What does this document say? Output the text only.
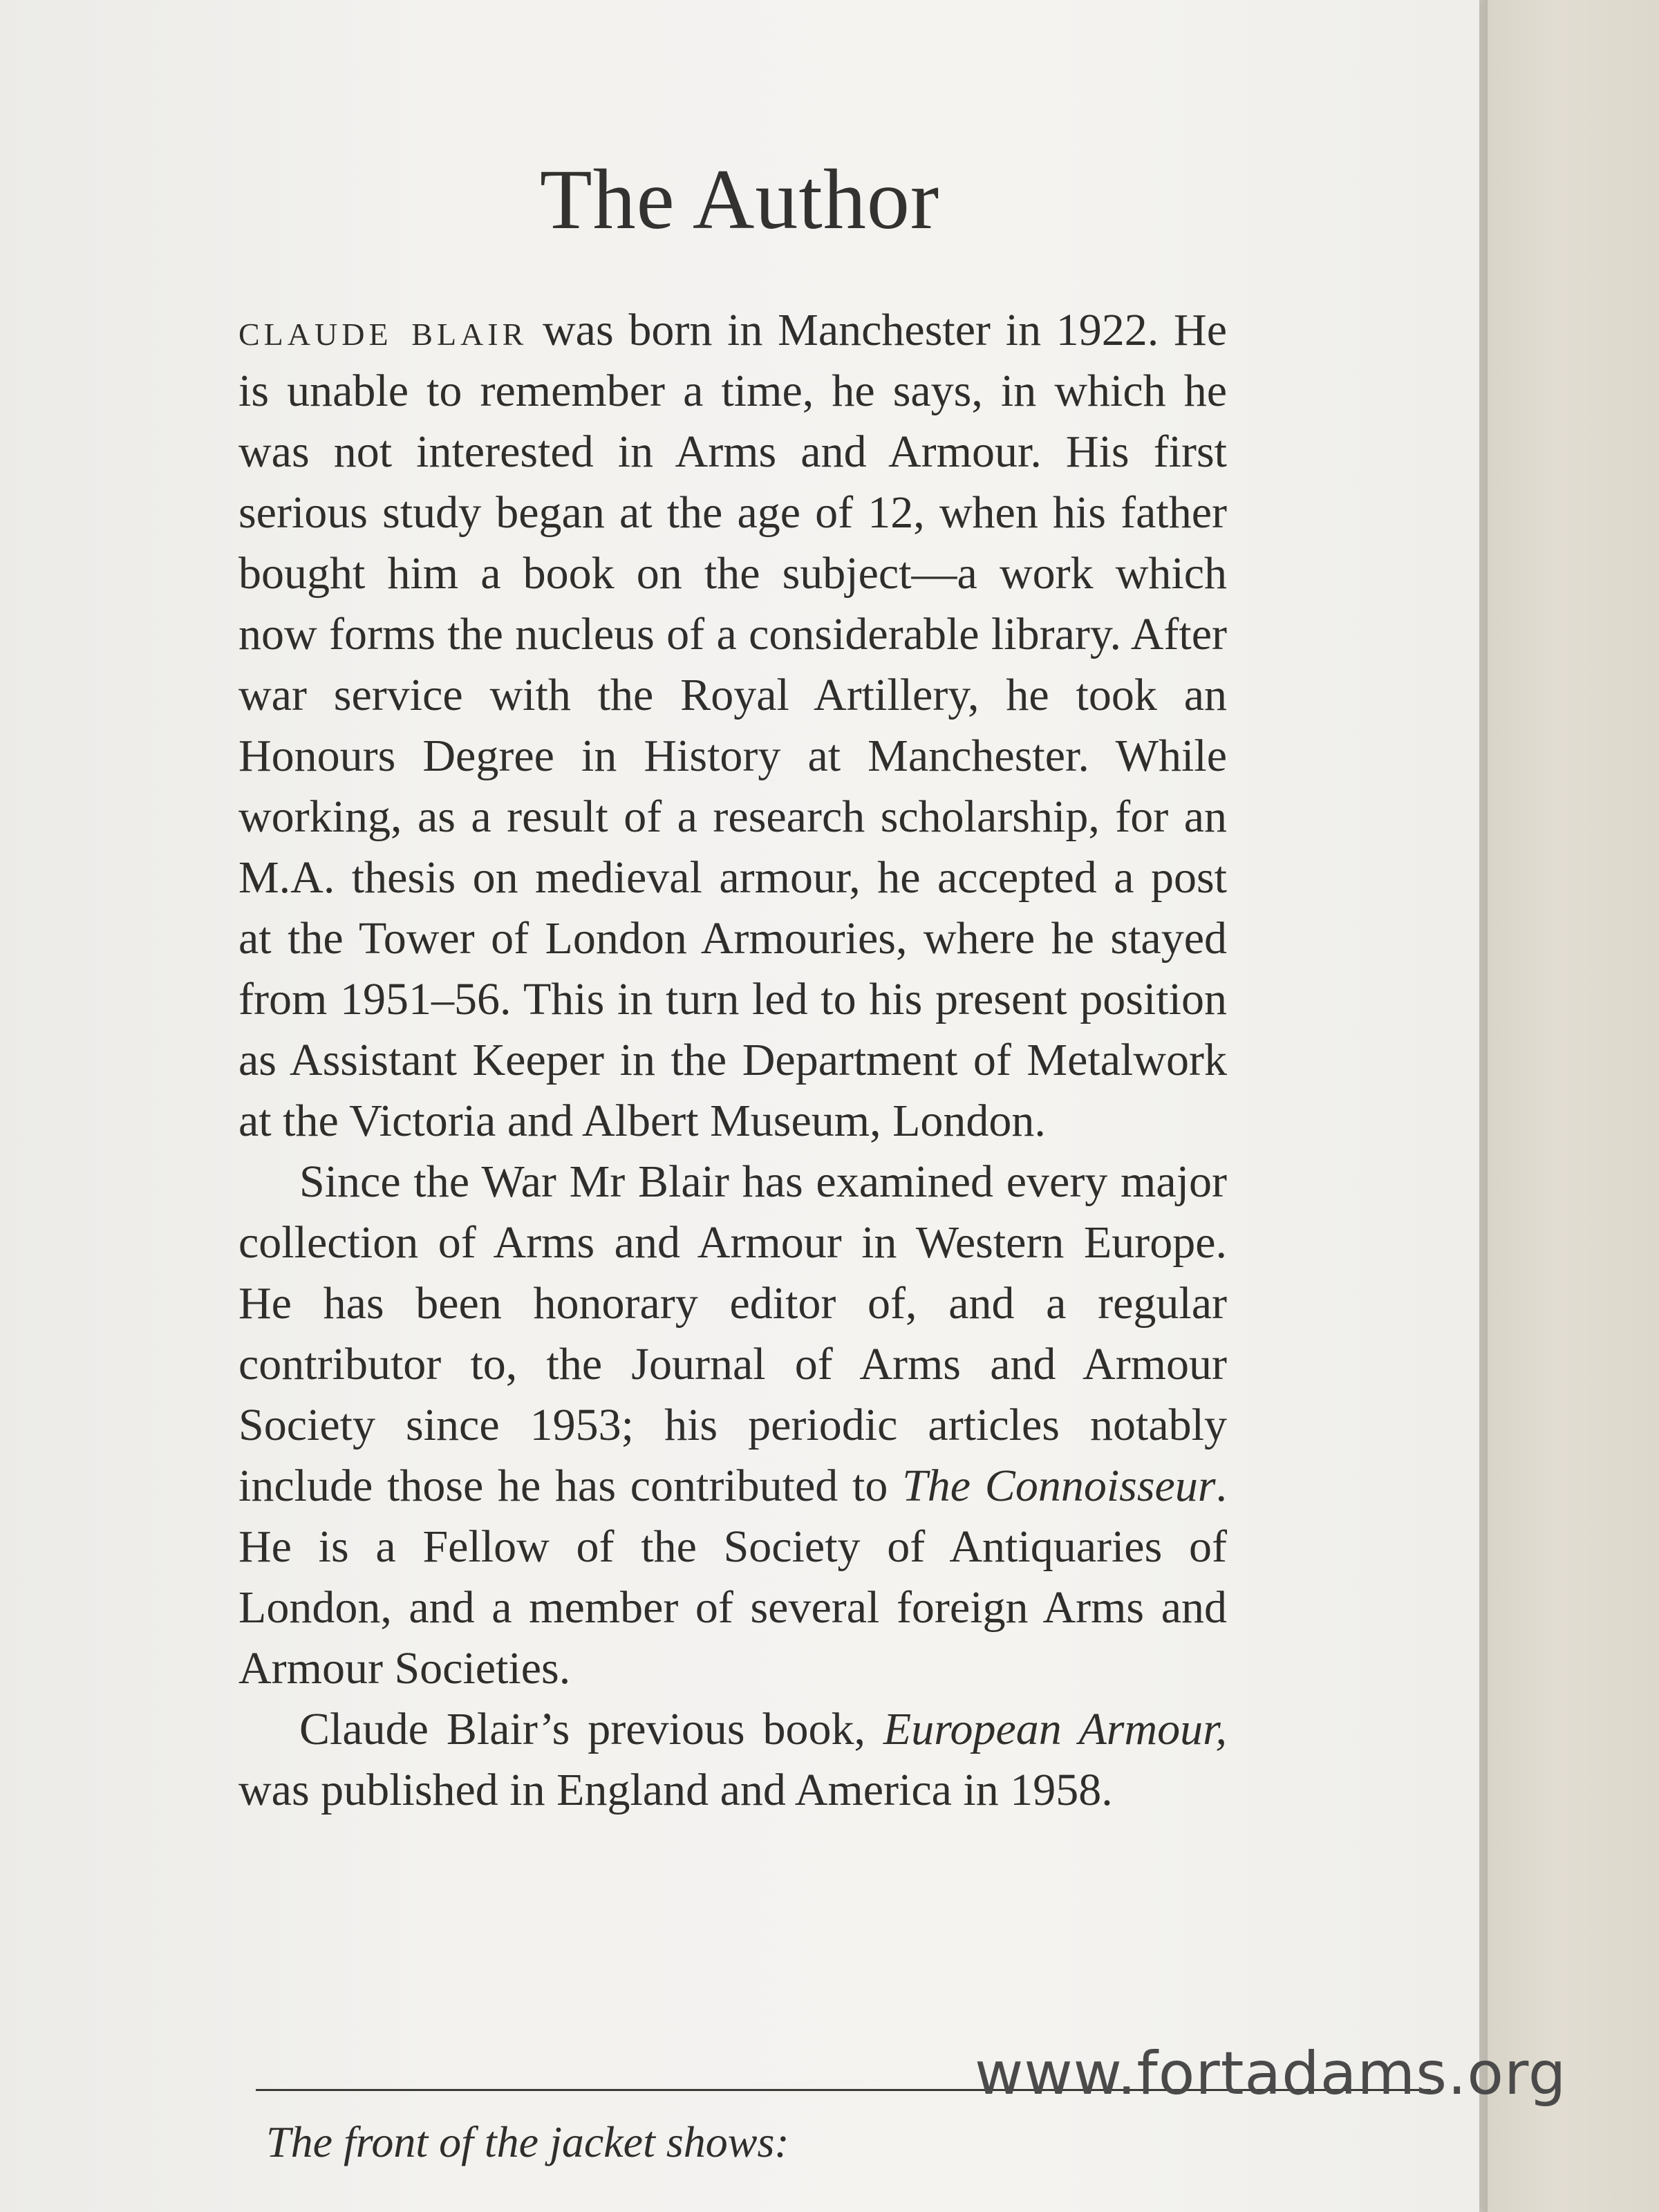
The Author

claude blair was born in Manchester in 1922. He is unable to remember a time, he says, in which he was not interested in Arms and Armour. His first serious study began at the age of 12, when his father bought him a book on the subject—a work which now forms the nucleus of a considerable library. After war service with the Royal Artillery, he took an Honours Degree in History at Manchester. While working, as a result of a research scholarship, for an M.A. thesis on medieval armour, he accepted a post at the Tower of London Armouries, where he stayed from 1951–56. This in turn led to his present position as Assistant Keeper in the Department of Metalwork at the Victoria and Albert Museum, London.

Since the War Mr Blair has examined every major collection of Arms and Armour in Western Europe. He has been honorary editor of, and a regular contributor to, the Journal of Arms and Armour Society since 1953; his periodic articles notably include those he has contributed to The Connoisseur. He is a Fellow of the Society of Antiquaries of London, and a member of several foreign Arms and Armour Societies.

Claude Blair’s previous book, European Armour, was published in England and America in 1958.

The front of the jacket shows:

www.fortadams.org
